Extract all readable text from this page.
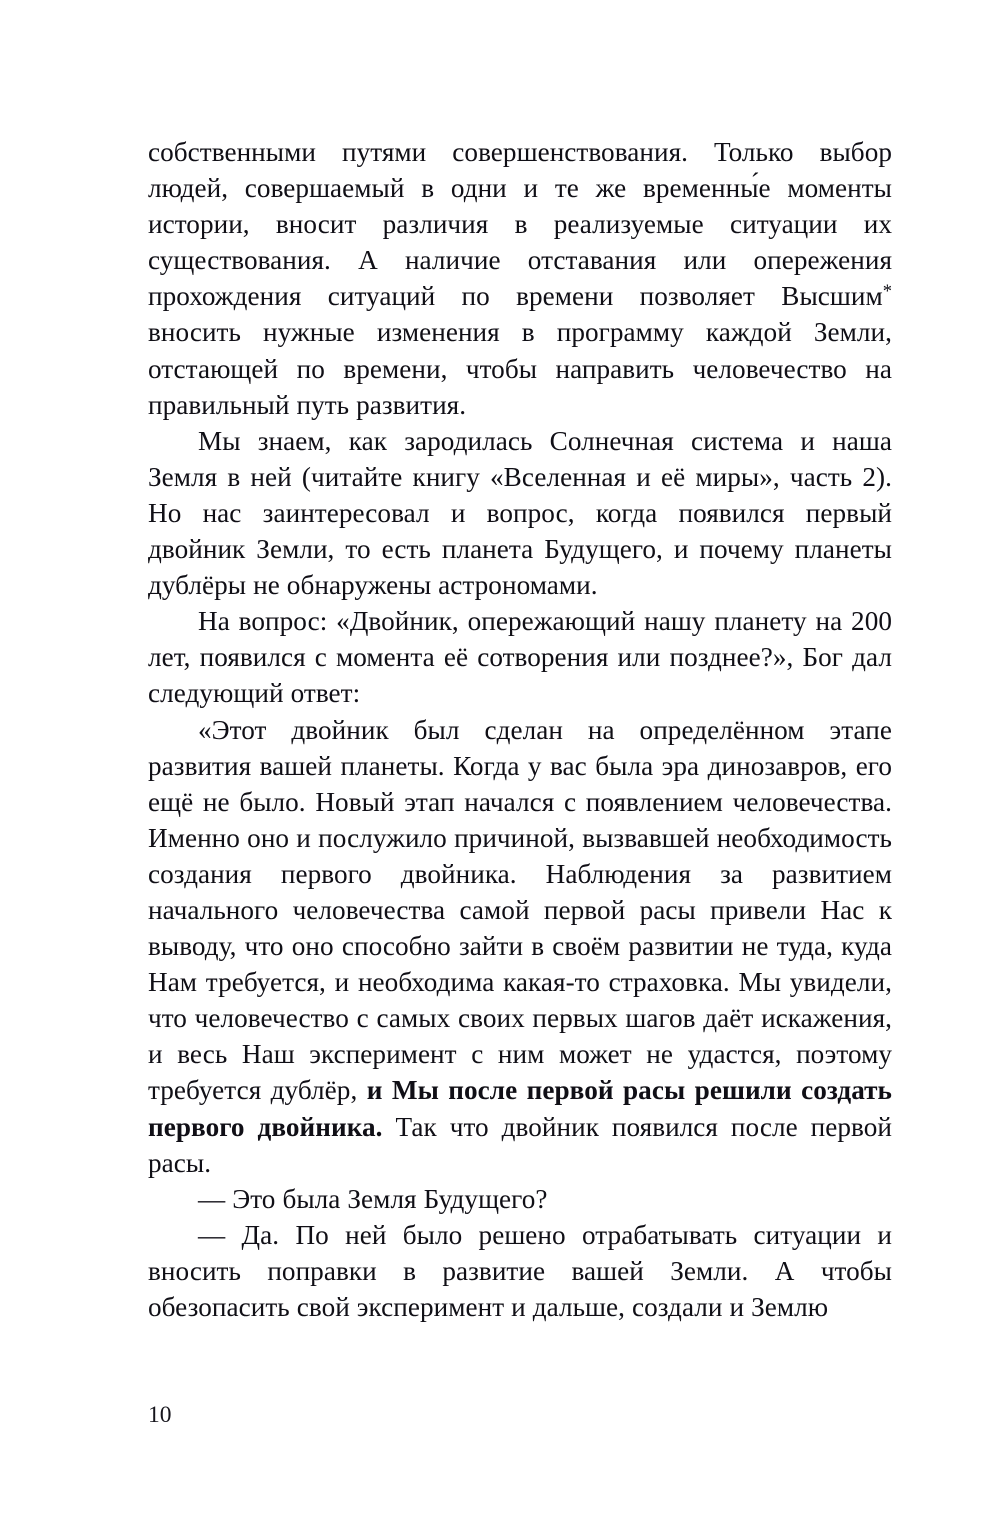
собственными путями совершенствования. Только выбор людей, совершаемый в одни и те же временны́е моменты истории, вносит различия в реализуемые ситуации их существования. А наличие отставания или опережения прохождения ситуаций по времени позволяет Высшим* вносить нужные изменения в программу каждой Земли, отстающей по времени, чтобы направить человечество на правильный путь развития.

Мы знаем, как зародилась Солнечная система и наша Земля в ней (читайте книгу «Вселенная и её миры», часть 2). Но нас заинтересовал и вопрос, когда появился первый двойник Земли, то есть планета Будущего, и почему планеты дублёры не обнаружены астрономами.

На вопрос: «Двойник, опережающий нашу планету на 200 лет, появился с момента её сотворения или позднее?», Бог дал следующий ответ:

«Этот двойник был сделан на определённом этапе развития вашей планеты. Когда у вас была эра динозавров, его ещё не было. Новый этап начался с появлением человечества. Именно оно и послужило причиной, вызвавшей необходимость создания первого двойника. Наблюдения за развитием начального человечества самой первой расы привели Нас к выводу, что оно способно зайти в своём развитии не туда, куда Нам требуется, и необходима какая-то страховка. Мы увидели, что человечество с самых своих первых шагов даёт искажения, и весь Наш эксперимент с ним может не удастся, поэтому требуется дублёр, и Мы после первой расы решили создать первого двойника. Так что двойник появился после первой расы.

— Это была Земля Будущего?

— Да. По ней было решено отрабатывать ситуации и вносить поправки в развитие вашей Земли. А чтобы обезопасить свой эксперимент и дальше, создали и Землю

10
